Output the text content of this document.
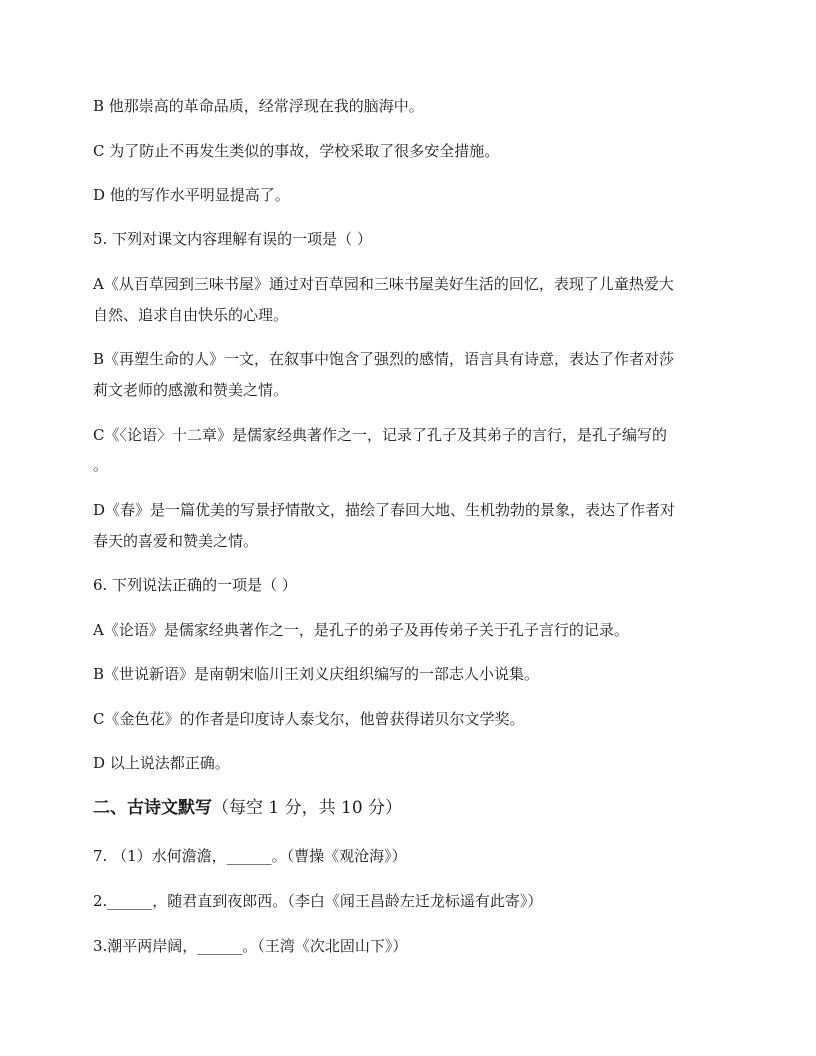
B 他那崇高的革命品质，经常浮现在我的脑海中。
C 为了防止不再发生类似的事故，学校采取了很多安全措施。
D 他的写作水平明显提高了。
5. 下列对课文内容理解有误的一项是（ ）
A《从百草园到三味书屋》通过对百草园和三味书屋美好生活的回忆，表现了儿童热爱大
自然、追求自由快乐的心理。
B《再塑生命的人》一文，在叙事中饱含了强烈的感情，语言具有诗意，表达了作者对莎
莉文老师的感激和赞美之情。
C《〈论语〉十二章》是儒家经典著作之一，记录了孔子及其弟子的言行，是孔子编写的
。
D《春》是一篇优美的写景抒情散文，描绘了春回大地、生机勃勃的景象，表达了作者对
春天的喜爱和赞美之情。
6. 下列说法正确的一项是（ ）
A《论语》是儒家经典著作之一，是孔子的弟子及再传弟子关于孔子言行的记录。
B《世说新语》是南朝宋临川王刘义庆组织编写的一部志人小说集。
C《金色花》的作者是印度诗人泰戈尔，他曾获得诺贝尔文学奖。
D 以上说法都正确。
二、古诗文默写（每空 1 分，共 10 分）
7. （1）水何澹澹，______。（曹操《观沧海》）
2.______，随君直到夜郎西。（李白《闻王昌龄左迁龙标遥有此寄》）
3.潮平两岸阔，______。（王湾《次北固山下》）
